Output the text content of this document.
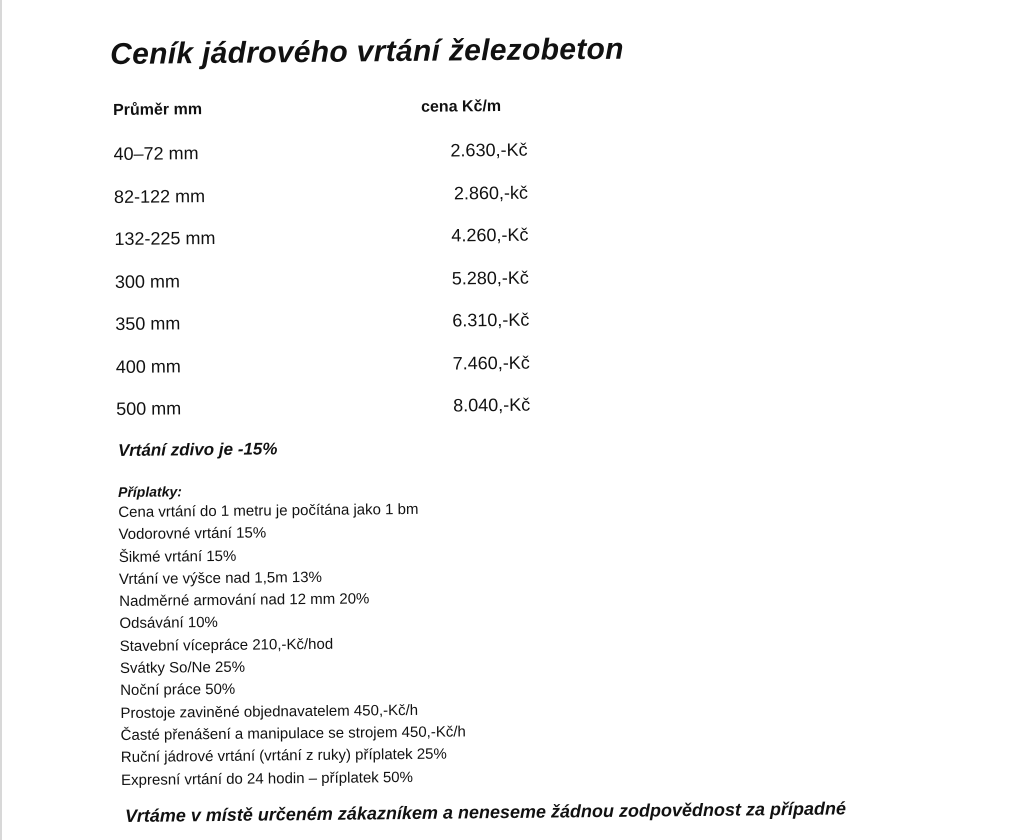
Ceník jádrového vrtání železobeton
Průměr mm	cena Kč/m
40–72 mm	2.630,-Kč
82-122 mm	2.860,-kč
132-225 mm	4.260,-Kč
300 mm	5.280,-Kč
350 mm	6.310,-Kč
400 mm	7.460,-Kč
500 mm	8.040,-Kč

Vrtání zdivo je -15%

Příplatky:

Cena vrtání do 1 metru je počítána jako 1 bm
Vodorovné vrtání 15%
Šikmé vrtání 15%
Vrtání ve výšce nad 1,5m 13%
Nadměrné armování nad 12 mm 20%
Odsávání 10%
Stavební vícepráce 210,-Kč/hod
Svátky So/Ne 25%
Noční práce 50%
Prostoje zaviněné objednavatelem 450,-Kč/h
Časté přenášení a manipulace se strojem 450,-Kč/h
Ruční jádrové vrtání (vrtání z ruky) příplatek 25%
Expresní vrtání do 24 hodin – příplatek 50%

Vrtáme v místě určeném zákazníkem a neneseme žádnou zodpovědnost za případné
